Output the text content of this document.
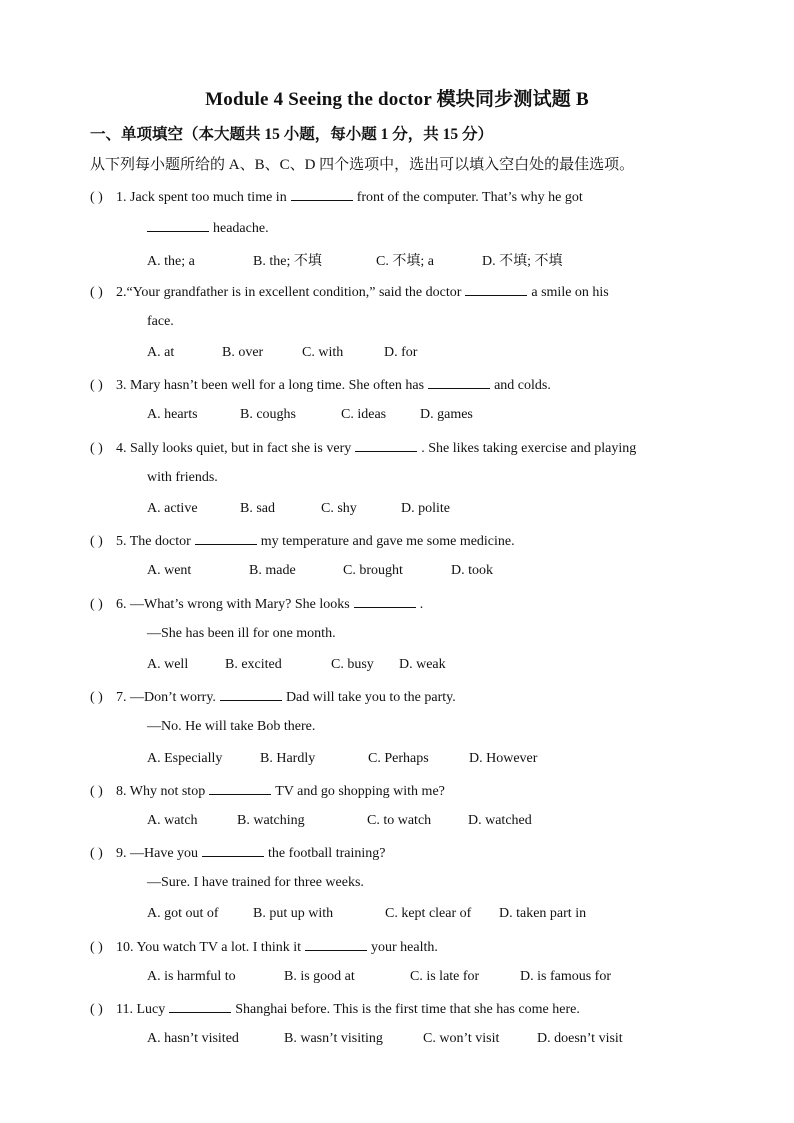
Module 4 Seeing the doctor 模块同步测试题 B
一、单项填空（本大题共 15 小题，每小题 1 分，共 15 分）
从下列每小题所给的 A、B、C、D 四个选项中，选出可以填入空白处的最佳选项。
( ) 1. Jack spent too much time in	front of the computer. That’s why he got
headache.
A. the; a	B. the; 不填	C. 不填; a	D. 不填; 不填
( ) 2.“Your grandfather is in excellent condition,” said the doctor	a smile on his
face.
A. at	B. over	C. with	D. for
( ) 3. Mary hasn’t been well for a long time. She often has	and colds.
A. hearts	B. coughs	C. ideas D. games
( ) 4. Sally looks quiet, but in fact she is very	. She likes taking exercise and playing
with friends.
A. active	B. sad	C. shy	D. polite
( ) 5. The doctor	my temperature and gave me some medicine.
A. went	B. made	C. brought	D. took
( ) 6. —What’s wrong with Mary? She looks	.
—She has been ill for one month.
A. well	B. excited	C. busy D. weak
( ) 7. —Don’t worry.	Dad will take you to the party.
—No. He will take Bob there.
A. Especially	B. Hardly	C. Perhaps	D. However
( ) 8. Why not stop	TV and go shopping with me?
A. watch	B. watching	C. to watch	D. watched
( ) 9. —Have you	the football training?
—Sure. I have trained for three weeks.
A. got out of B. put up with	C. kept clear of D. taken part in
( ) 10. You watch TV a lot. I think it	your health.
A. is harmful to	B. is good at	C. is late for	D. is famous for
( ) 11. Lucy	Shanghai before. This is the first time that she has come here.
A. hasn’t visited	B. wasn’t visiting	C. won’t visit	D. doesn’t visit
